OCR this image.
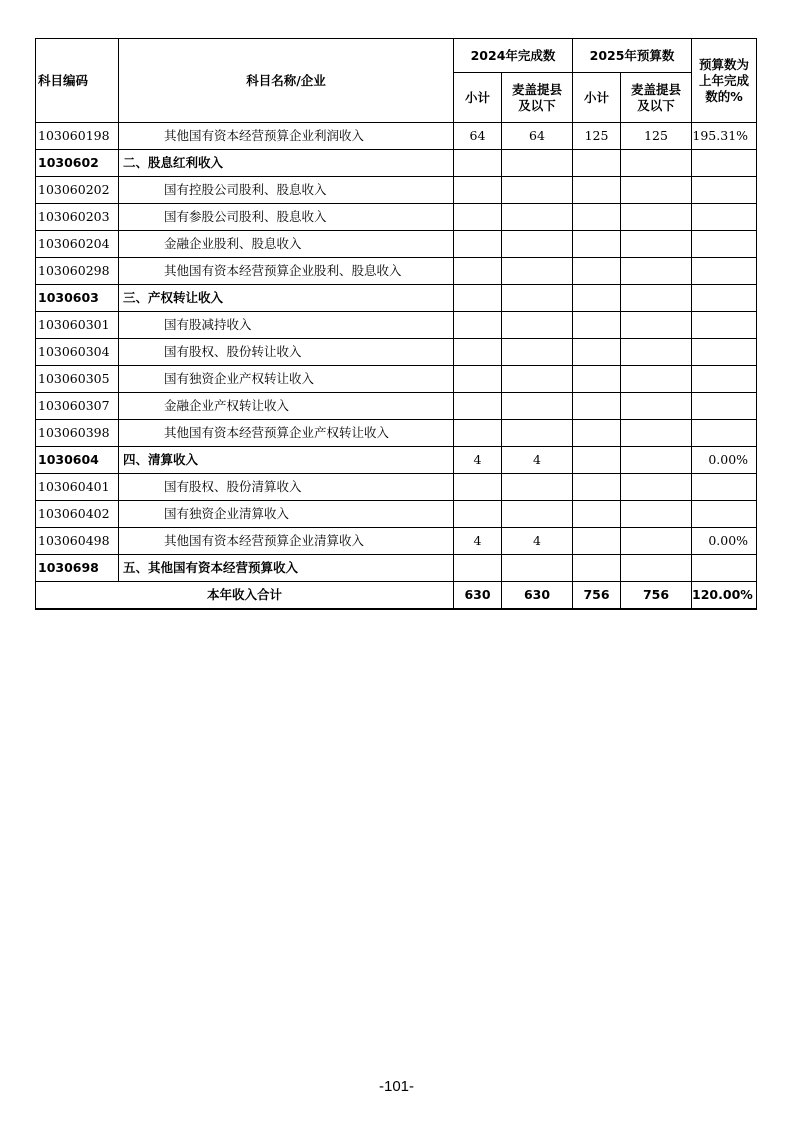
科目编码	科目名称/企业	2024年完成数		2025年预算数		预算数为上年完成数的%
		小计	麦盖提县及以下	小计	麦盖提县及以下	
103060198	其他国有资本经营预算企业利润收入	64	64	125	125	195.31%
1030602	二、股息红利收入					
103060202	国有控股公司股利、股息收入					
103060203	国有参股公司股利、股息收入					
103060204	金融企业股利、股息收入					
103060298	其他国有资本经营预算企业股利、股息收入					
1030603	三、产权转让收入					
103060301	国有股减持收入					
103060304	国有股权、股份转让收入					
103060305	国有独资企业产权转让收入					
103060307	金融企业产权转让收入					
103060398	其他国有资本经营预算企业产权转让收入					
1030604	四、清算收入	4	4			0.00%
103060401	国有股权、股份清算收入					
103060402	国有独资企业清算收入					
103060498	其他国有资本经营预算企业清算收入	4	4			0.00%
1030698	五、其他国有资本经营预算收入					
本年收入合计		630	630	756	756	120.00%
-101-
